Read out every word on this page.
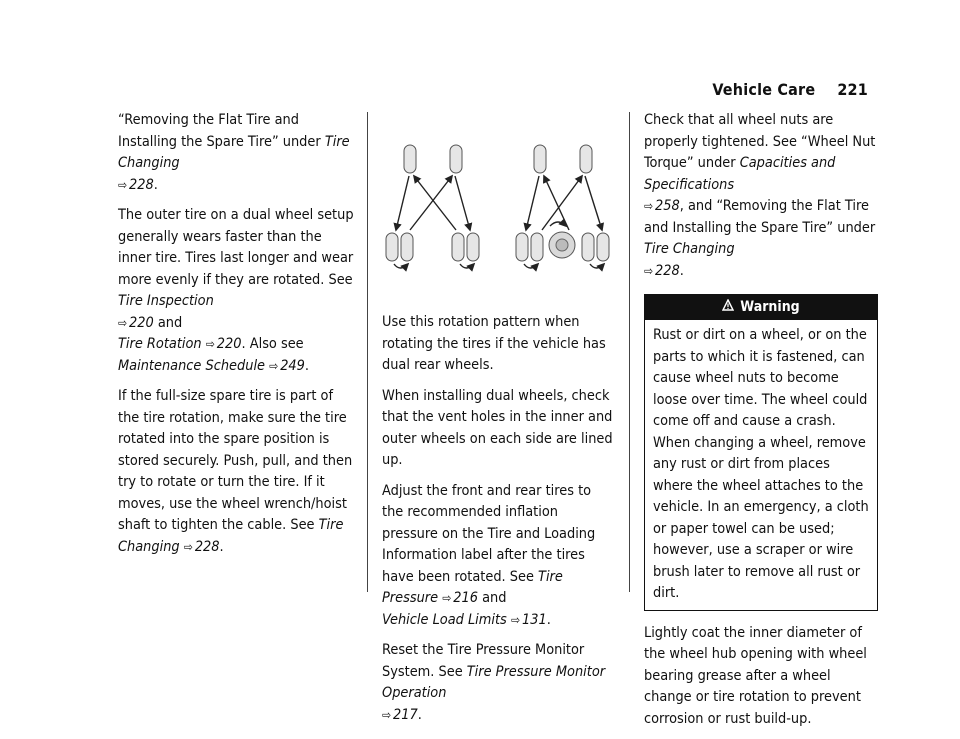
Vehicle Care 221

“Removing the Flat Tire and Installing the Spare Tire” under Tire Changing
⇨ 228.

The outer tire on a dual wheel setup generally wears faster than the inner tire. Tires last longer and wear more evenly if they are rotated. See Tire Inspection
⇨ 220 and
Tire Rotation ⇨ 220. Also see
Maintenance Schedule ⇨ 249.

If the full-size spare tire is part of the tire rotation, make sure the tire rotated into the spare position is stored securely. Push, pull, and then try to rotate or turn the tire. If it moves, use the wheel wrench/hoist shaft to tighten the cable. See Tire Changing ⇨ 228.

Use this rotation pattern when rotating the tires if the vehicle has dual rear wheels.

When installing dual wheels, check that the vent holes in the inner and outer wheels on each side are lined up.

Adjust the front and rear tires to the recommended inflation pressure on the Tire and Loading Information label after the tires have been rotated. See Tire Pressure ⇨ 216 and
Vehicle Load Limits ⇨ 131.

Reset the Tire Pressure Monitor System. See Tire Pressure Monitor Operation
⇨ 217.

Check that all wheel nuts are properly tightened. See “Wheel Nut Torque” under Capacities and Specifications
⇨ 258, and “Removing the Flat Tire and Installing the Spare Tire” under Tire Changing
⇨ 228.

Warning
Rust or dirt on a wheel, or on the parts to which it is fastened, can cause wheel nuts to become loose over time. The wheel could come off and cause a crash. When changing a wheel, remove any rust or dirt from places where the wheel attaches to the vehicle. In an emergency, a cloth or paper towel can be used; however, use a scraper or wire brush later to remove all rust or dirt.

Lightly coat the inner diameter of the wheel hub opening with wheel bearing grease after a wheel change or tire rotation to prevent corrosion or rust build-up.
